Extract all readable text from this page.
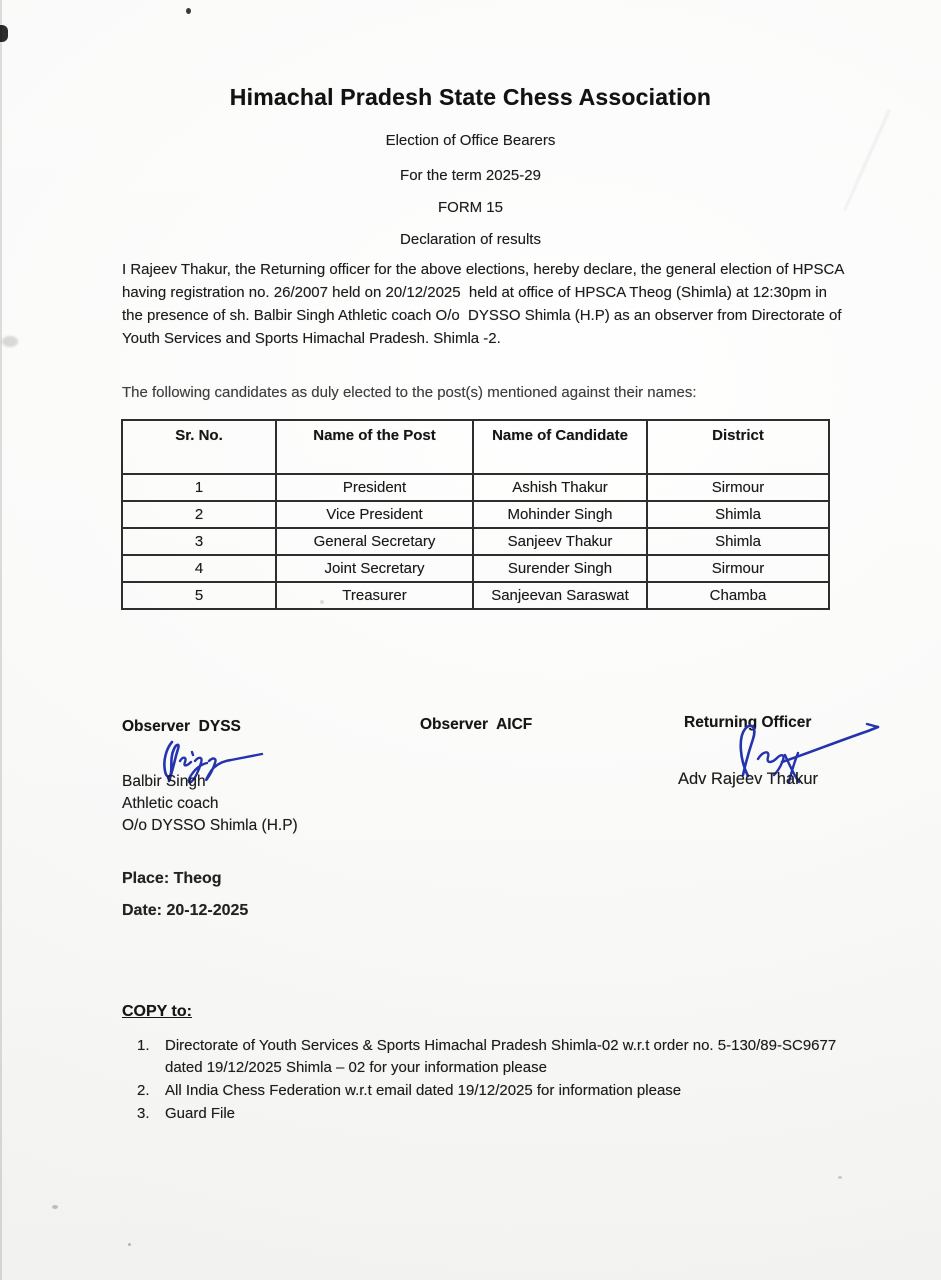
Himachal Pradesh State Chess Association
Election of Office Bearers
For the term 2025-29
FORM 15
Declaration of results
I Rajeev Thakur, the Returning officer for the above elections, hereby declare, the general election of HPSCA having registration no. 26/2007 held on 20/12/2025  held at office of HPSCA Theog (Shimla) at 12:30pm in the presence of sh. Balbir Singh Athletic coach O/o  DYSSO Shimla (H.P) as an observer from Directorate of Youth Services and Sports Himachal Pradesh. Shimla -2.
The following candidates as duly elected to the post(s) mentioned against their names:
Sr. No.	Name of the Post	Name of Candidate	District
1	President	Ashish Thakur	Sirmour
2	Vice President	Mohinder Singh	Shimla
3	General Secretary	Sanjeev Thakur	Shimla
4	Joint Secretary	Surender Singh	Sirmour
5	Treasurer	Sanjeevan Saraswat	Chamba
Observer  DYSS	Observer  AICF	Returning Officer
Balbir Singh
Athletic coach
O/o DYSSO Shimla (H.P)
Adv Rajeev Thakur
Place: Theog
Date: 20-12-2025
COPY to:
1.	Directorate of Youth Services & Sports Himachal Pradesh Shimla-02 w.r.t order no. 5-130/89-SC9677 dated 19/12/2025 Shimla – 02 for your information please
2.	All India Chess Federation w.r.t email dated 19/12/2025 for information please
3.	Guard File
